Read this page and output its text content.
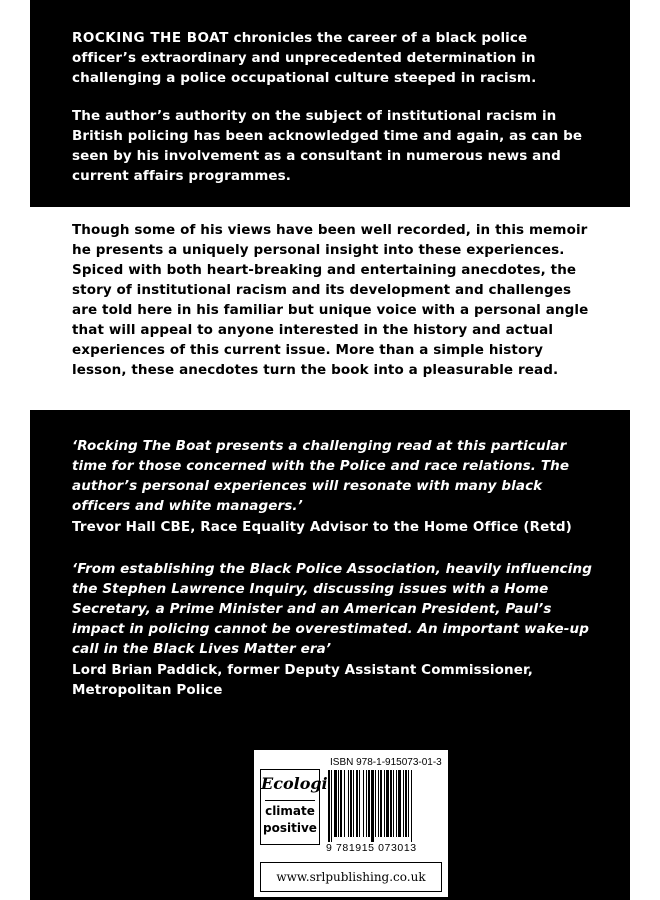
ROCKING THE BOAT chronicles the career of a black police officer’s extraordinary and unprecedented determination in challenging a police occupational culture steeped in racism.

The author’s authority on the subject of institutional racism in British policing has been acknowledged time and again, as can be seen by his involvement as a consultant in numerous news and current affairs programmes.

Though some of his views have been well recorded, in this memoir he presents a uniquely personal insight into these experiences. Spiced with both heart-breaking and entertaining anecdotes, the story of institutional racism and its development and challenges are told here in his familiar but unique voice with a personal angle that will appeal to anyone interested in the history and actual experiences of this current issue. More than a simple history lesson, these anecdotes turn the book into a pleasurable read.

‘Rocking The Boat presents a challenging read at this particular time for those concerned with the Police and race relations. The author’s personal experiences will resonate with many black officers and white managers.’

Trevor Hall CBE, Race Equality Advisor to the Home Office (Retd)

‘From establishing the Black Police Association, heavily influencing the Stephen Lawrence Inquiry, discussing issues with a Home Secretary, a Prime Minister and an American President, Paul’s impact in policing cannot be overestimated. An important wake-up call in the Black Lives Matter era’

Lord Brian Paddick, former Deputy Assistant Commissioner, Metropolitan Police

ISBN 978-1-915073-01-3
Ecologi
climate
positive
9 781915 073013
www.srlpublishing.co.uk
